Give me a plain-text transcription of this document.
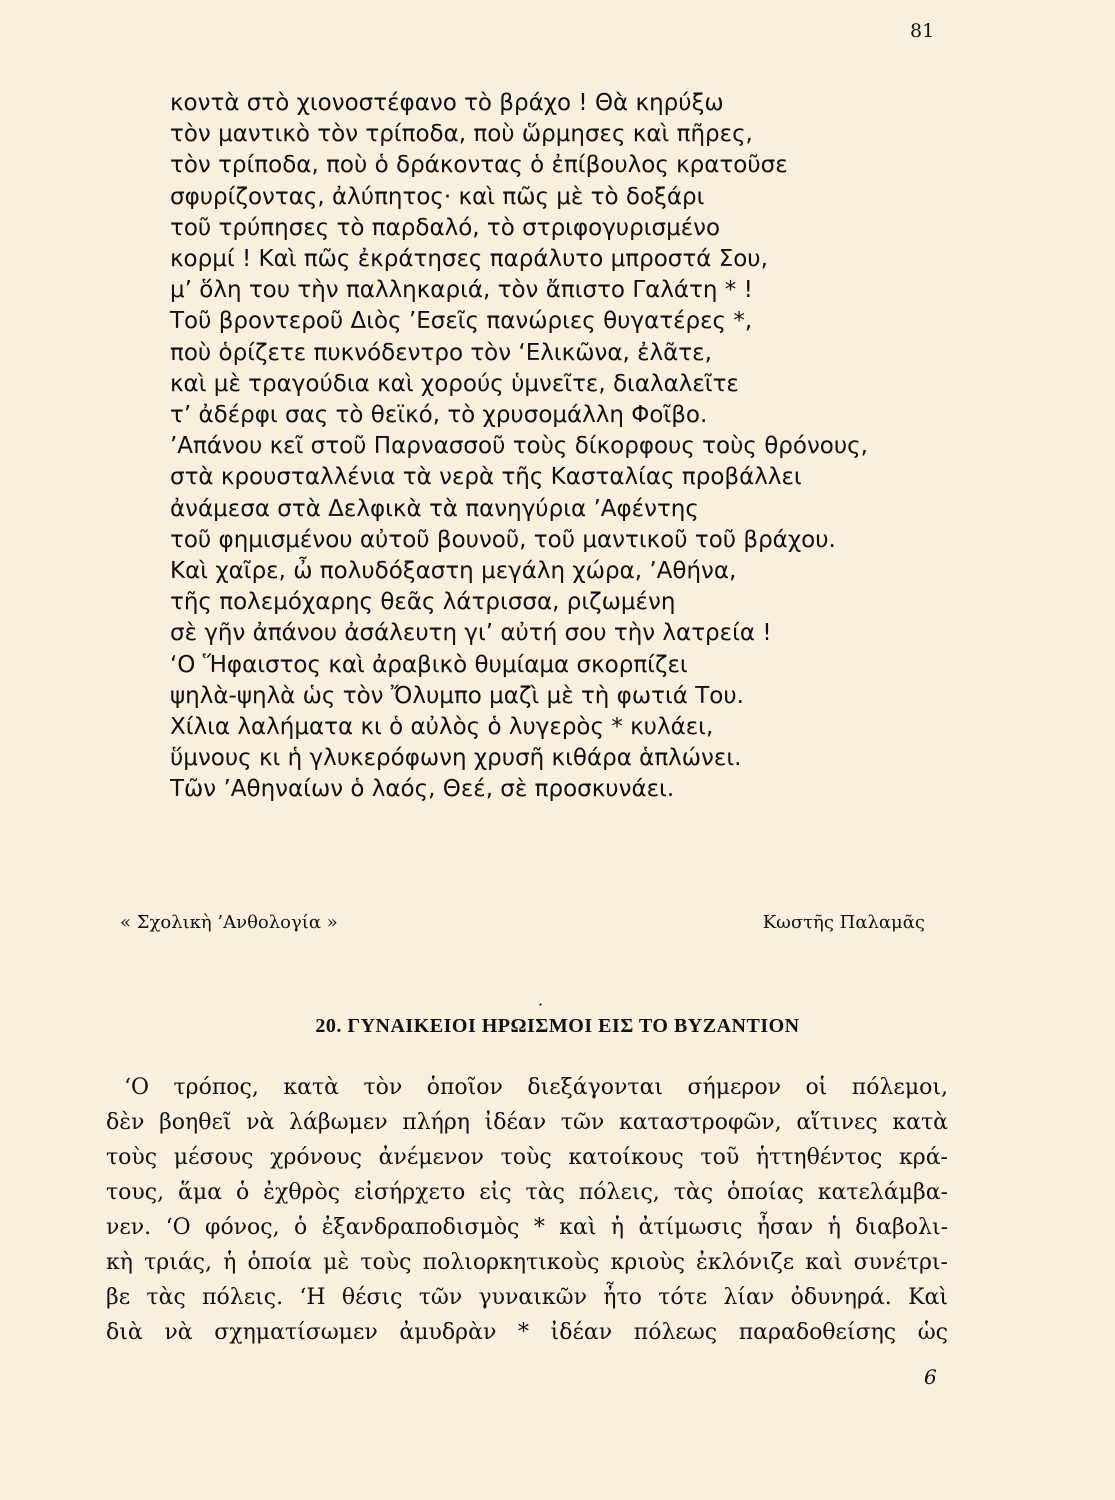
81
κοντὰ στὸ χιονοστέφανο τὸ βράχο ! Θὰ κηρύξω
τὸν μαντικὸ τὸν τρίποδα, ποὺ ὥρμησες καὶ πῆρες,
τὸν τρίποδα, ποὺ ὁ δράκοντας ὁ ἐπίβουλος κρατοῦσε
σφυρίζοντας, ἀλύπητος· καὶ πῶς μὲ τὸ δοξάρι
τοῦ τρύπησες τὸ παρδαλό, τὸ στριφογυρισμένο
κορμί ! Καὶ πῶς ἐκράτησες παράλυτο μπροστά Σου,
μ’ ὅλη του τὴν παλληκαριά, τὸν ἄπιστο Γαλάτη * !
Τοῦ βροντεροῦ Διὸς ’Εσεῖς πανώριες θυγατέρες *,
ποὺ ὁρίζετε πυκνόδεντρο τὸν ‘Ελικῶνα, ἐλᾶτε,
καὶ μὲ τραγούδια καὶ χορούς ὑμνεῖτε, διαλαλεῖτε
τ’ ἀδέρφι σας τὸ θεϊκό, τὸ χρυσομάλλη Φοῖβο.
’Απάνου κεῖ στοῦ Παρνασσοῦ τοὺς δίκορφους τοὺς θρόνους,
στὰ κρουσταλλένια τὰ νερὰ τῆς Κασταλίας προβάλλει
ἀνάμεσα στὰ Δελφικὰ τὰ πανηγύρια ’Αφέντης
τοῦ φημισμένου αὐτοῦ βουνοῦ, τοῦ μαντικοῦ τοῦ βράχου.
Καὶ χαῖρε, ὦ πολυδόξαστη μεγάλη χώρα, ’Αθήνα,
τῆς πολεμόχαρης θεᾶς λάτρισσα, ριζωμένη
σὲ γῆν ἀπάνου ἀσάλευτη γι’ αὐτή σου τὴν λατρεία !
‘Ο Ἥφαιστος καὶ ἀραβικὸ θυμίαμα σκορπίζει
ψηλὰ-ψηλὰ ὡς τὸν Ὄλυμπο μαζὶ μὲ τὴ φωτιά Του.
Χίλια λαλήματα κι ὁ αὐλὸς ὁ λυγερὸς * κυλάει,
ὕμνους κι ἡ γλυκερόφωνη χρυσῆ κιθάρα ἁπλώνει.
Τῶν ’Αθηναίων ὁ λαός, Θεέ, σὲ προσκυνάει.
« Σχολικὴ ’Ανθολογία »	Κωστῆς Παλαμᾶς
·
20. ΓΥΝΑΙΚΕΙΟΙ ΗΡΩΙΣΜΟΙ ΕΙΣ ΤΟ ΒΥΖΑΝΤΙΟΝ
‘Ο τρόπος, κατὰ τὸν ὁποῖον διεξάγονται σήμερον οἱ πόλεμοι,
δὲν βοηθεῖ νὰ λάβωμεν πλήρη ἰδέαν τῶν καταστροφῶν, αἵτινες κατὰ
τοὺς μέσους χρόνους ἀνέμενον τοὺς κατοίκους τοῦ ἡττηθέντος κρά-
τους, ἅμα ὁ ἐχθρὸς εἰσήρχετο εἰς τὰς πόλεις, τὰς ὁποίας κατελάμβα-
νεν. ‘Ο φόνος, ὁ ἐξανδραποδισμὸς * καὶ ἡ ἀτίμωσις ἦσαν ἡ διαβολι-
κὴ τριάς, ἡ ὁποία μὲ τοὺς πολιορκητικοὺς κριοὺς ἐκλόνιζε καὶ συνέτρι-
βε τὰς πόλεις. ‘Η θέσις τῶν γυναικῶν ἦτο τότε λίαν ὀδυνηρά. Καὶ
διὰ νὰ σχηματίσωμεν ἀμυδρὰν * ἰδέαν πόλεως παραδοθείσης ὡς
6
